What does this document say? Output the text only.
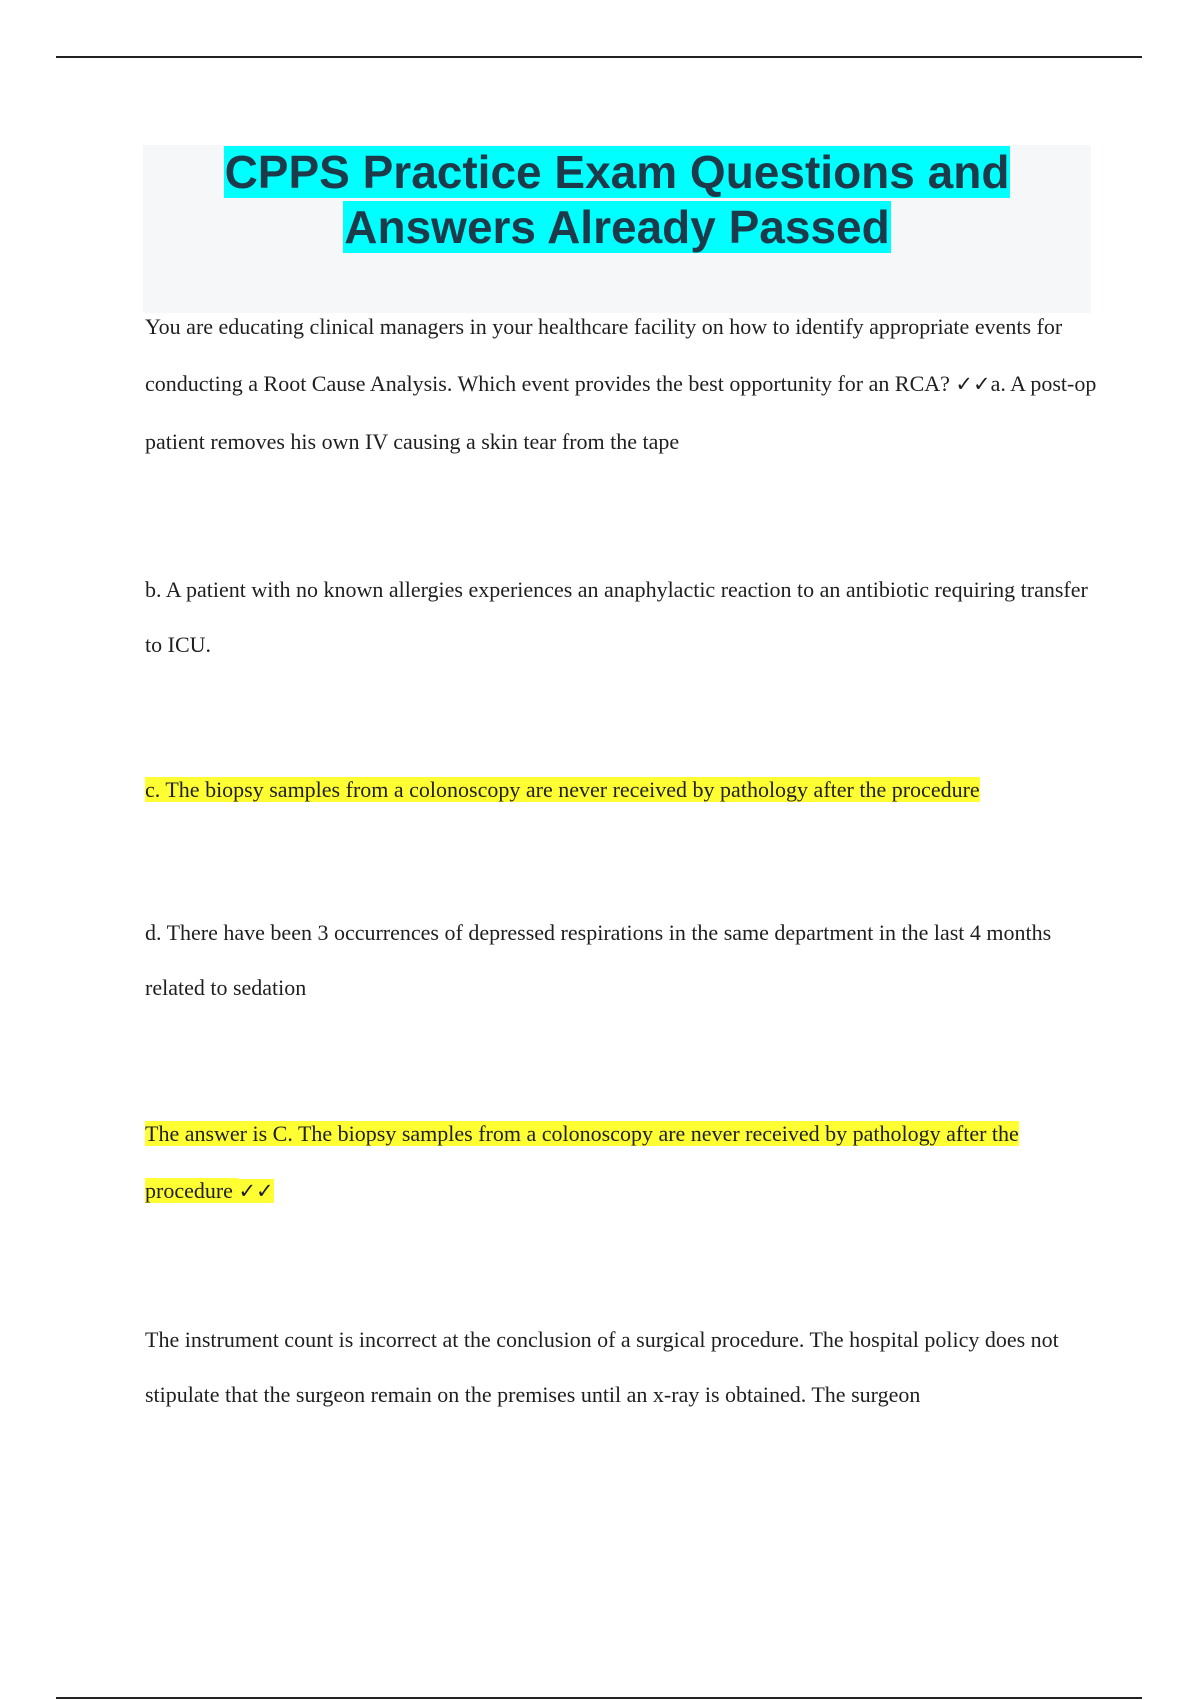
CPPS Practice Exam Questions and
Answers Already Passed

You are educating clinical managers in your healthcare facility on how to identify appropriate events for conducting a Root Cause Analysis. Which event provides the best opportunity for an RCA? ✓✓a. A post-op patient removes his own IV causing a skin tear from the tape

b. A patient with no known allergies experiences an anaphylactic reaction to an antibiotic requiring transfer to ICU.

c. The biopsy samples from a colonoscopy are never received by pathology after the procedure

d. There have been 3 occurrences of depressed respirations in the same department in the last 4 months related to sedation

The answer is C. The biopsy samples from a colonoscopy are never received by pathology after the procedure ✓✓

The instrument count is incorrect at the conclusion of a surgical procedure. The hospital policy does not stipulate that the surgeon remain on the premises until an x-ray is obtained. The surgeon
